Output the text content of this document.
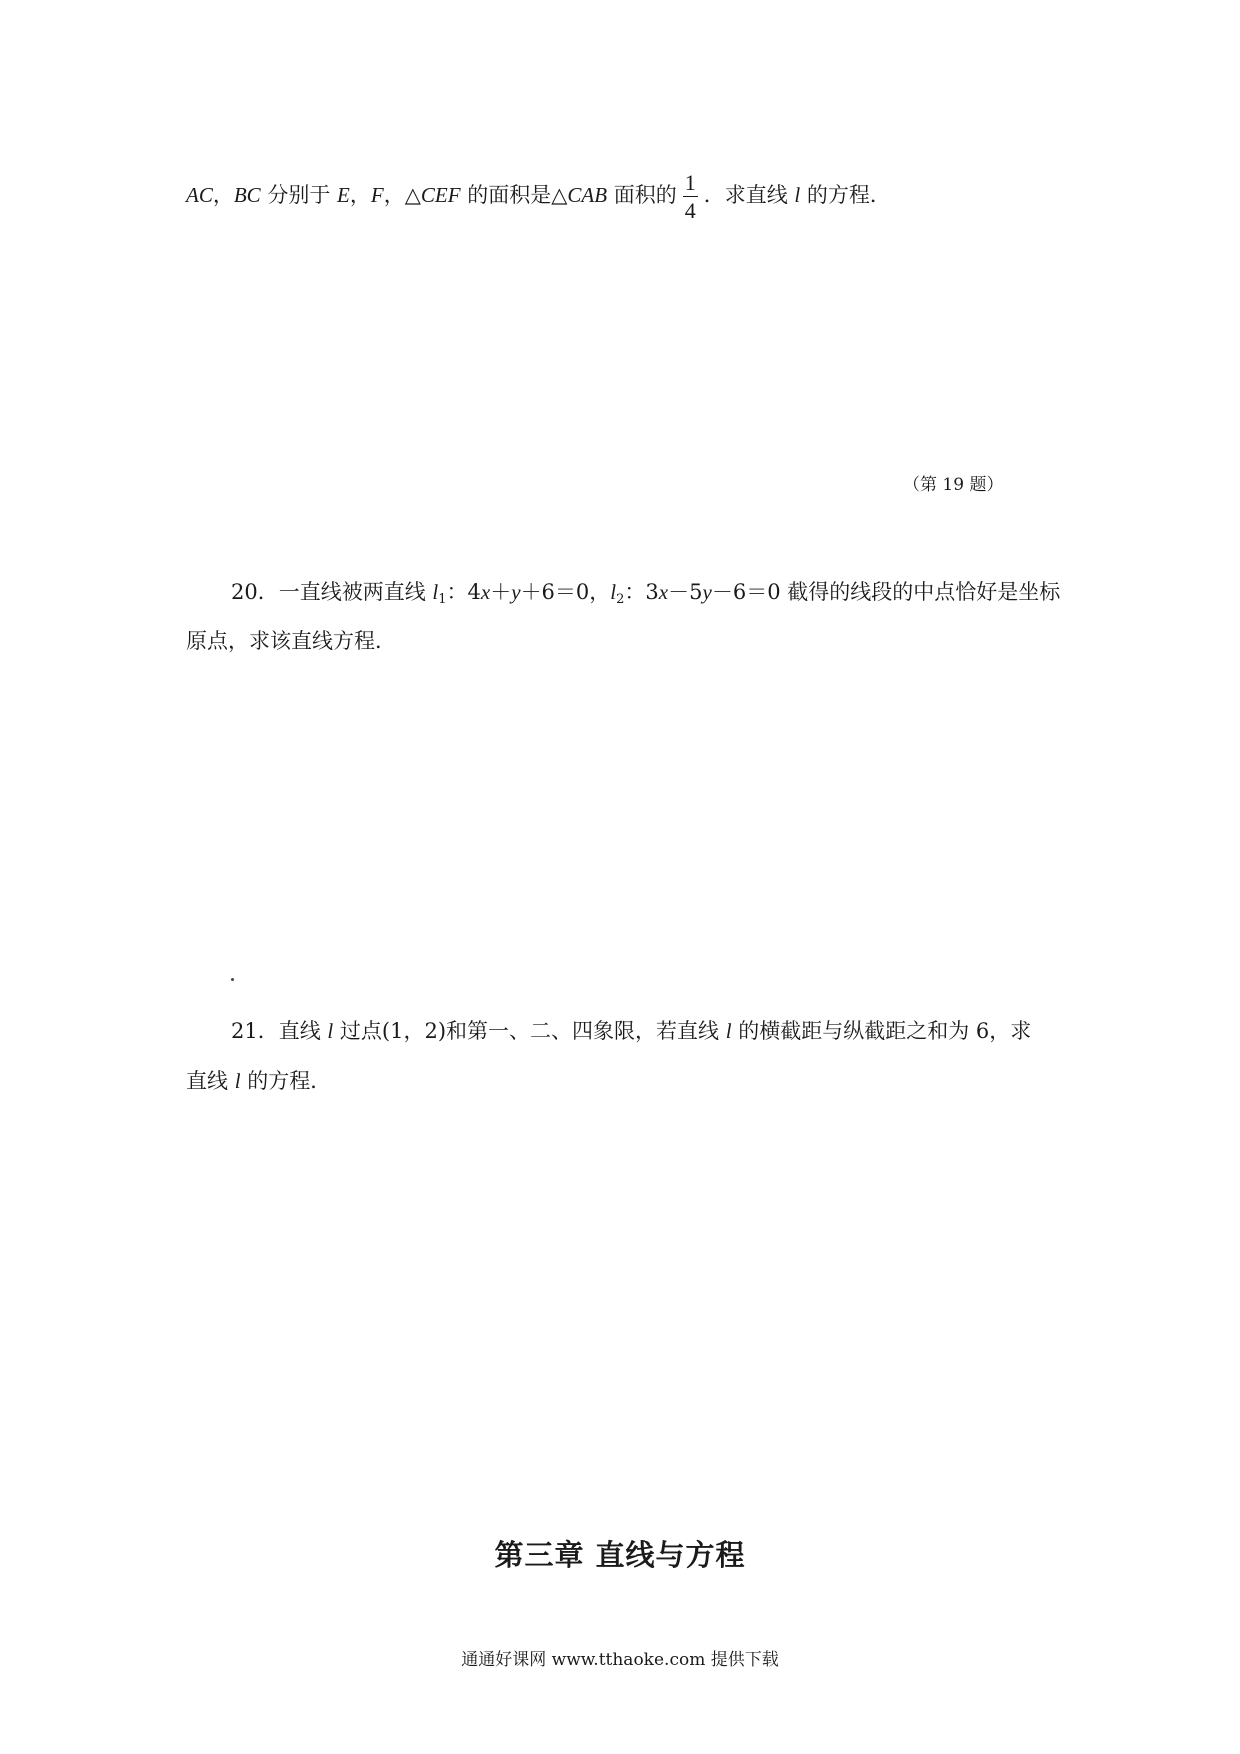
AC，BC 分别于 E，F，△CEF 的面积是△CAB 面积的 $\frac{1}{4}$ ．求直线 l 的方程．
（第 19 题）
20．一直线被两直线 $l_1$：4x＋y＋6＝0，$l_2$：3x－5y－6＝0 截得的线段的中点恰好是坐标
原点，求该直线方程．
21．直线 l 过点(1，2)和第一、二、四象限，若直线 l 的横截距与纵截距之和为 6，求
直线 l 的方程．
第三章 直线与方程
通通好课网 www.tthaoke.com 提供下载
